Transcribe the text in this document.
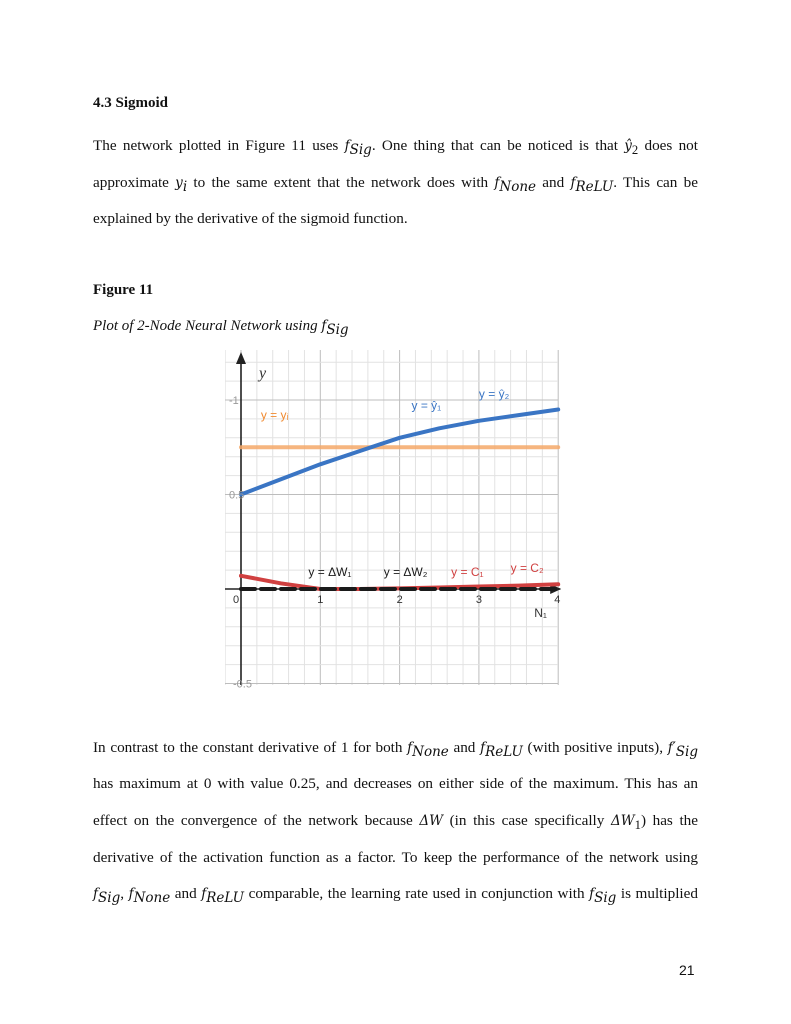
4.3 Sigmoid
The network plotted in Figure 11 uses $f_{Sig}$. One thing that can be noticed is that $ŷ_2$ does not
approximate $y_i$ to the same extent that the network does with $f_{None}$ and $f_{ReLU}$. This can be
explained by the derivative of the sigmoid function.
Figure 11
Plot of 2-Node Neural Network using $f_{Sig}$
0	1	2	3	4
-1
0.5
-0.5
y
N₁
y = yᵢ
y = ŷ₁
y = ŷ₂
y = ΔW₁	y = ΔW₂ y = C₁ y = C₂
In contrast to the constant derivative of 1 for both $f_{None}$ and $f_{ReLU}$ (with positive inputs), $f'_{Sig}$
has maximum at 0 with value 0.25, and decreases on either side of the maximum. This has an
effect on the convergence of the network because ΔW (in this case specifically $\Delta W_1$) has the
derivative of the activation function as a factor. To keep the performance of the network using
$f_{Sig}$, $f_{None}$ and $f_{ReLU}$ comparable, the learning rate used in conjunction with $f_{Sig}$ is multiplied
21
